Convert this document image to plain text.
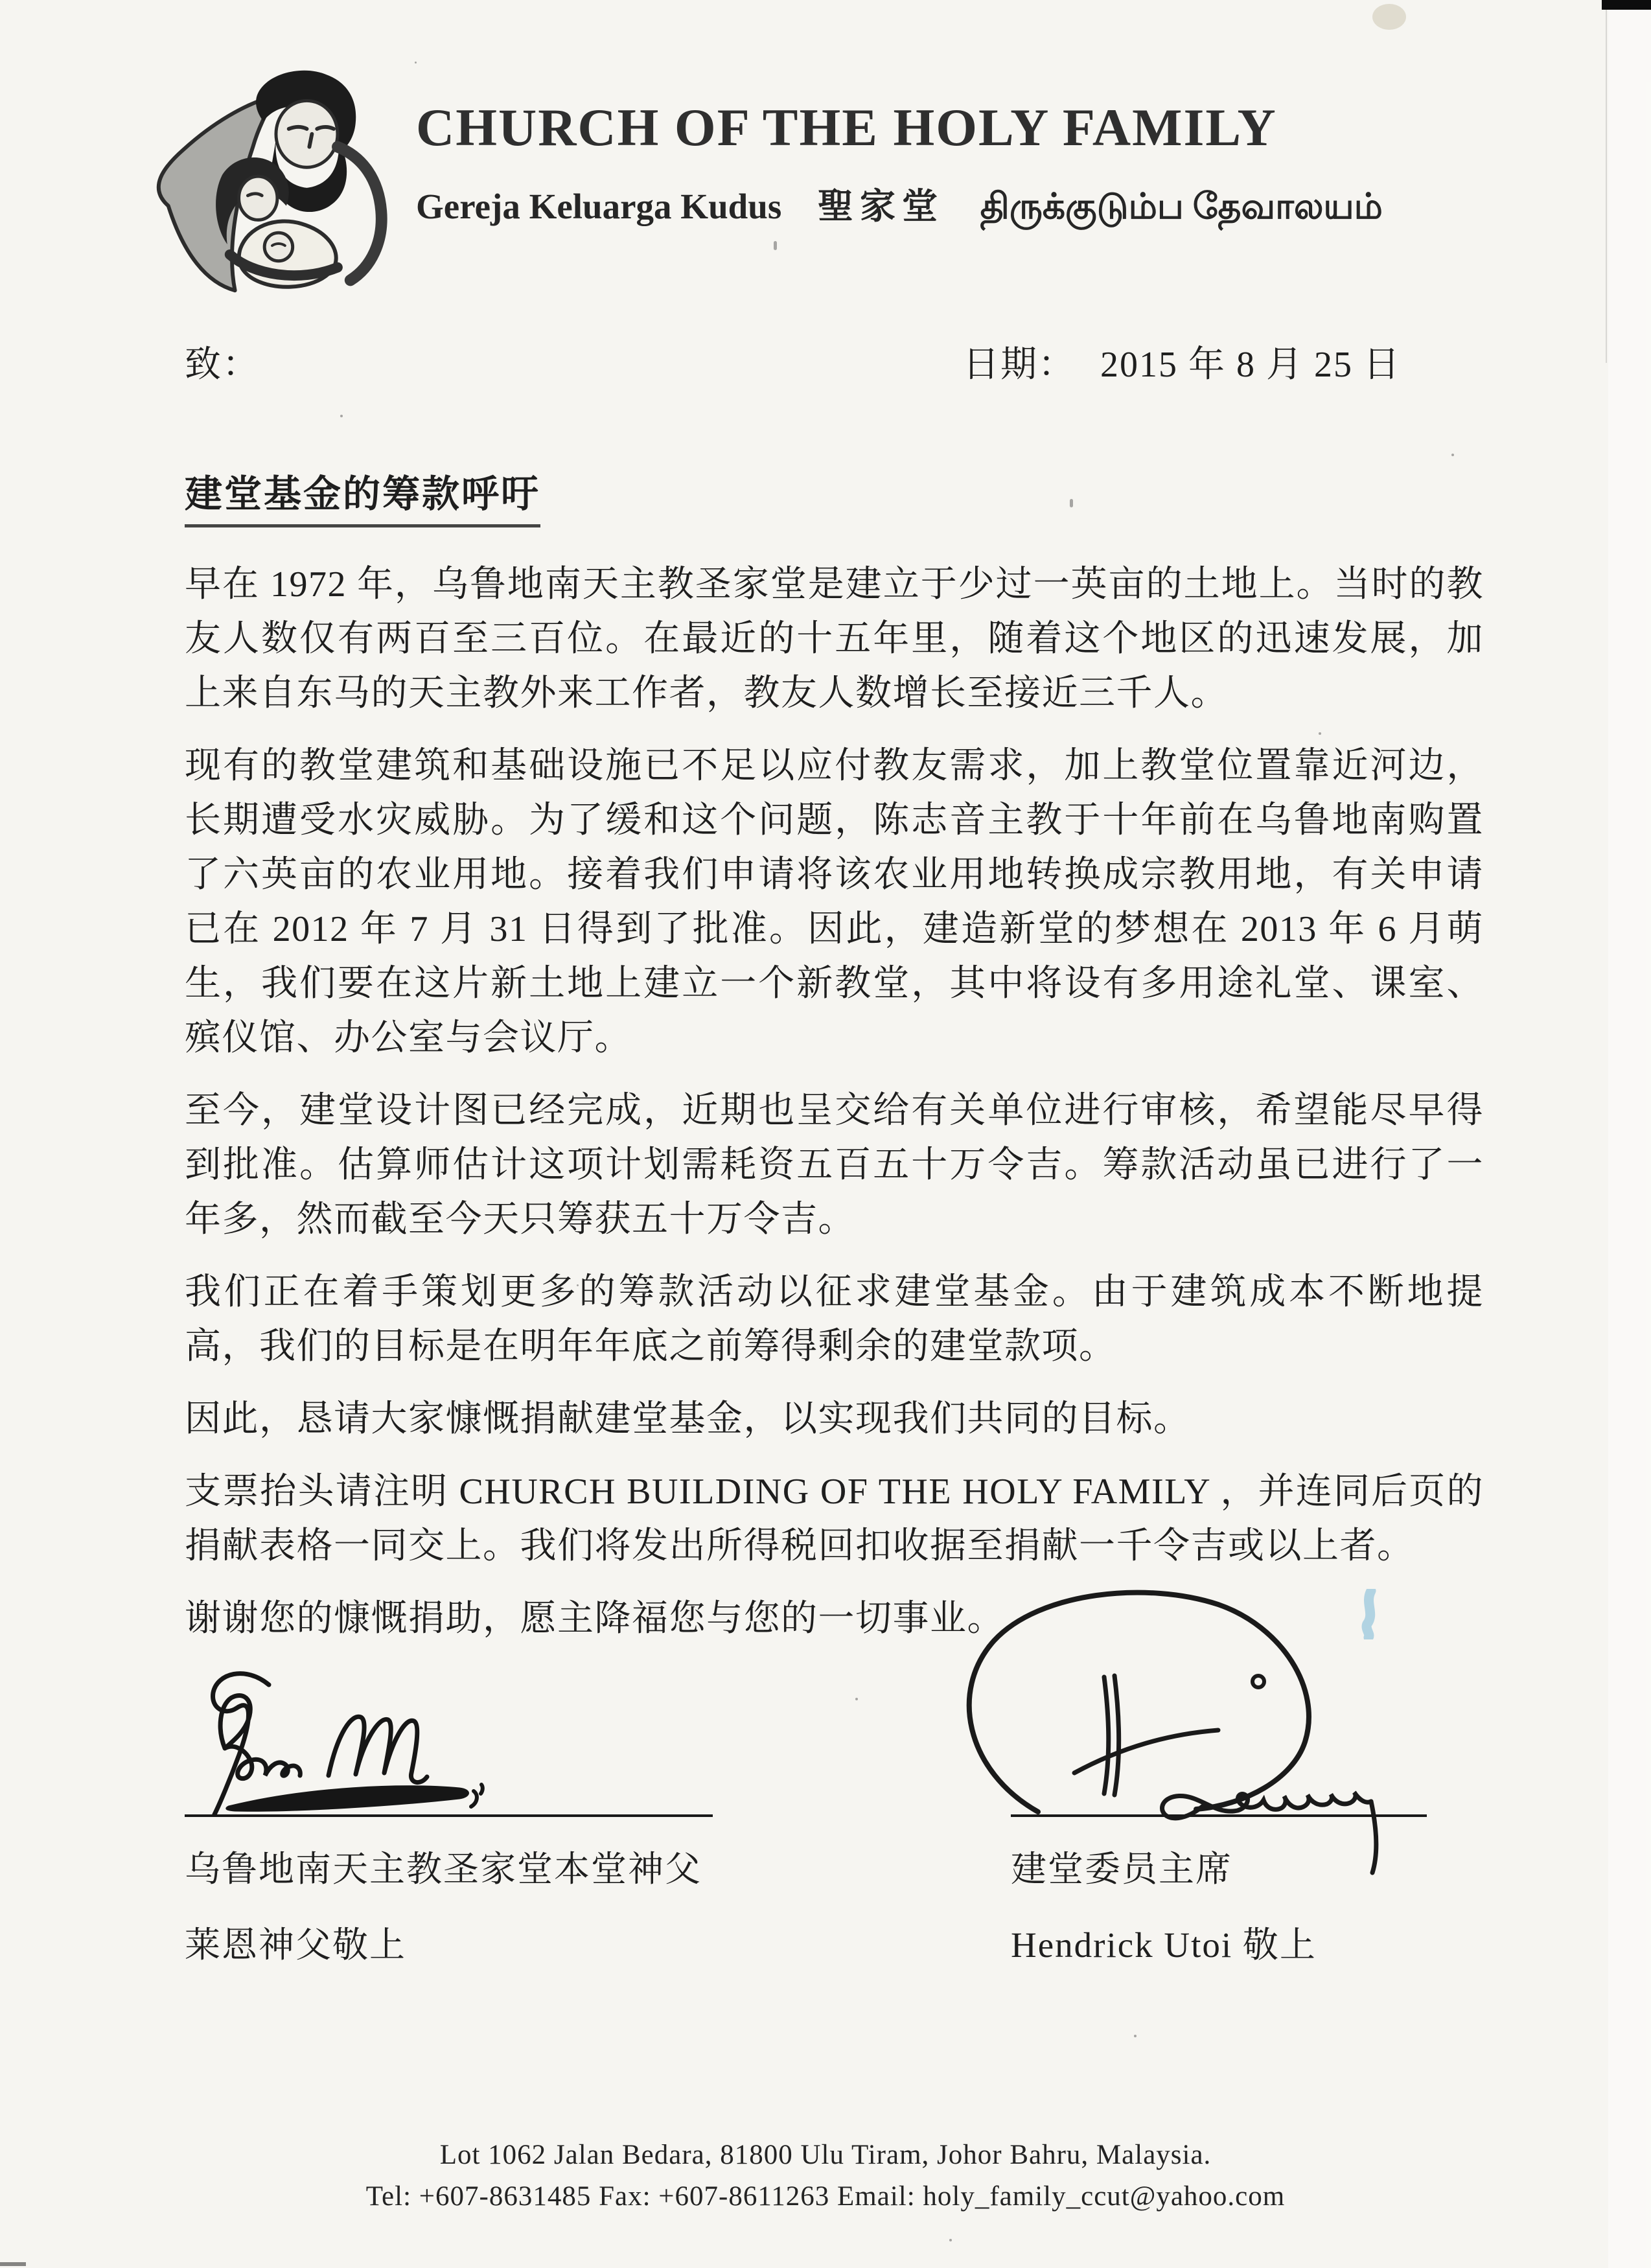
CHURCH OF THE HOLY FAMILY
Gereja Keluarga Kudus 聖家堂 திருக்குடும்ப தேவாலயம்
致：	日期： 2015 年 8 月 25 日
建堂基金的筹款呼吁

早在 1972 年，乌鲁地南天主教圣家堂是建立于少过一英亩的土地上。当时的教友人数仅有两百至三百位。在最近的十五年里，随着这个地区的迅速发展，加上来自东马的天主教外来工作者，教友人数增长至接近三千人。

现有的教堂建筑和基础设施已不足以应付教友需求，加上教堂位置靠近河边，长期遭受水灾威胁。为了缓和这个问题，陈志音主教于十年前在乌鲁地南购置了六英亩的农业用地。接着我们申请将该农业用地转换成宗教用地，有关申请已在 2012 年 7 月 31 日得到了批准。因此，建造新堂的梦想在 2013 年 6 月萌生，我们要在这片新土地上建立一个新教堂，其中将设有多用途礼堂、课室、殡仪馆、办公室与会议厅。

至今，建堂设计图已经完成，近期也呈交给有关单位进行审核，希望能尽早得到批准。估算师估计这项计划需耗资五百五十万令吉。筹款活动虽已进行了一年多，然而截至今天只筹获五十万令吉。

我们正在着手策划更多的筹款活动以征求建堂基金。由于建筑成本不断地提高，我们的目标是在明年年底之前筹得剩余的建堂款项。

因此，恳请大家慷慨捐献建堂基金，以实现我们共同的目标。

支票抬头请注明 CHURCH BUILDING OF THE HOLY FAMILY ，并连同后页的捐献表格一同交上。我们将发出所得税回扣收据至捐献一千令吉或以上者。

谢谢您的慷慨捐助，愿主降福您与您的一切事业。

乌鲁地南天主教圣家堂本堂神父
莱恩神父敬上
建堂委员主席
Hendrick Utoi 敬上
Lot 1062 Jalan Bedara, 81800 Ulu Tiram, Johor Bahru, Malaysia.
Tel: +607-8631485 Fax: +607-8611263 Email: holy_family_ccut@yahoo.com
